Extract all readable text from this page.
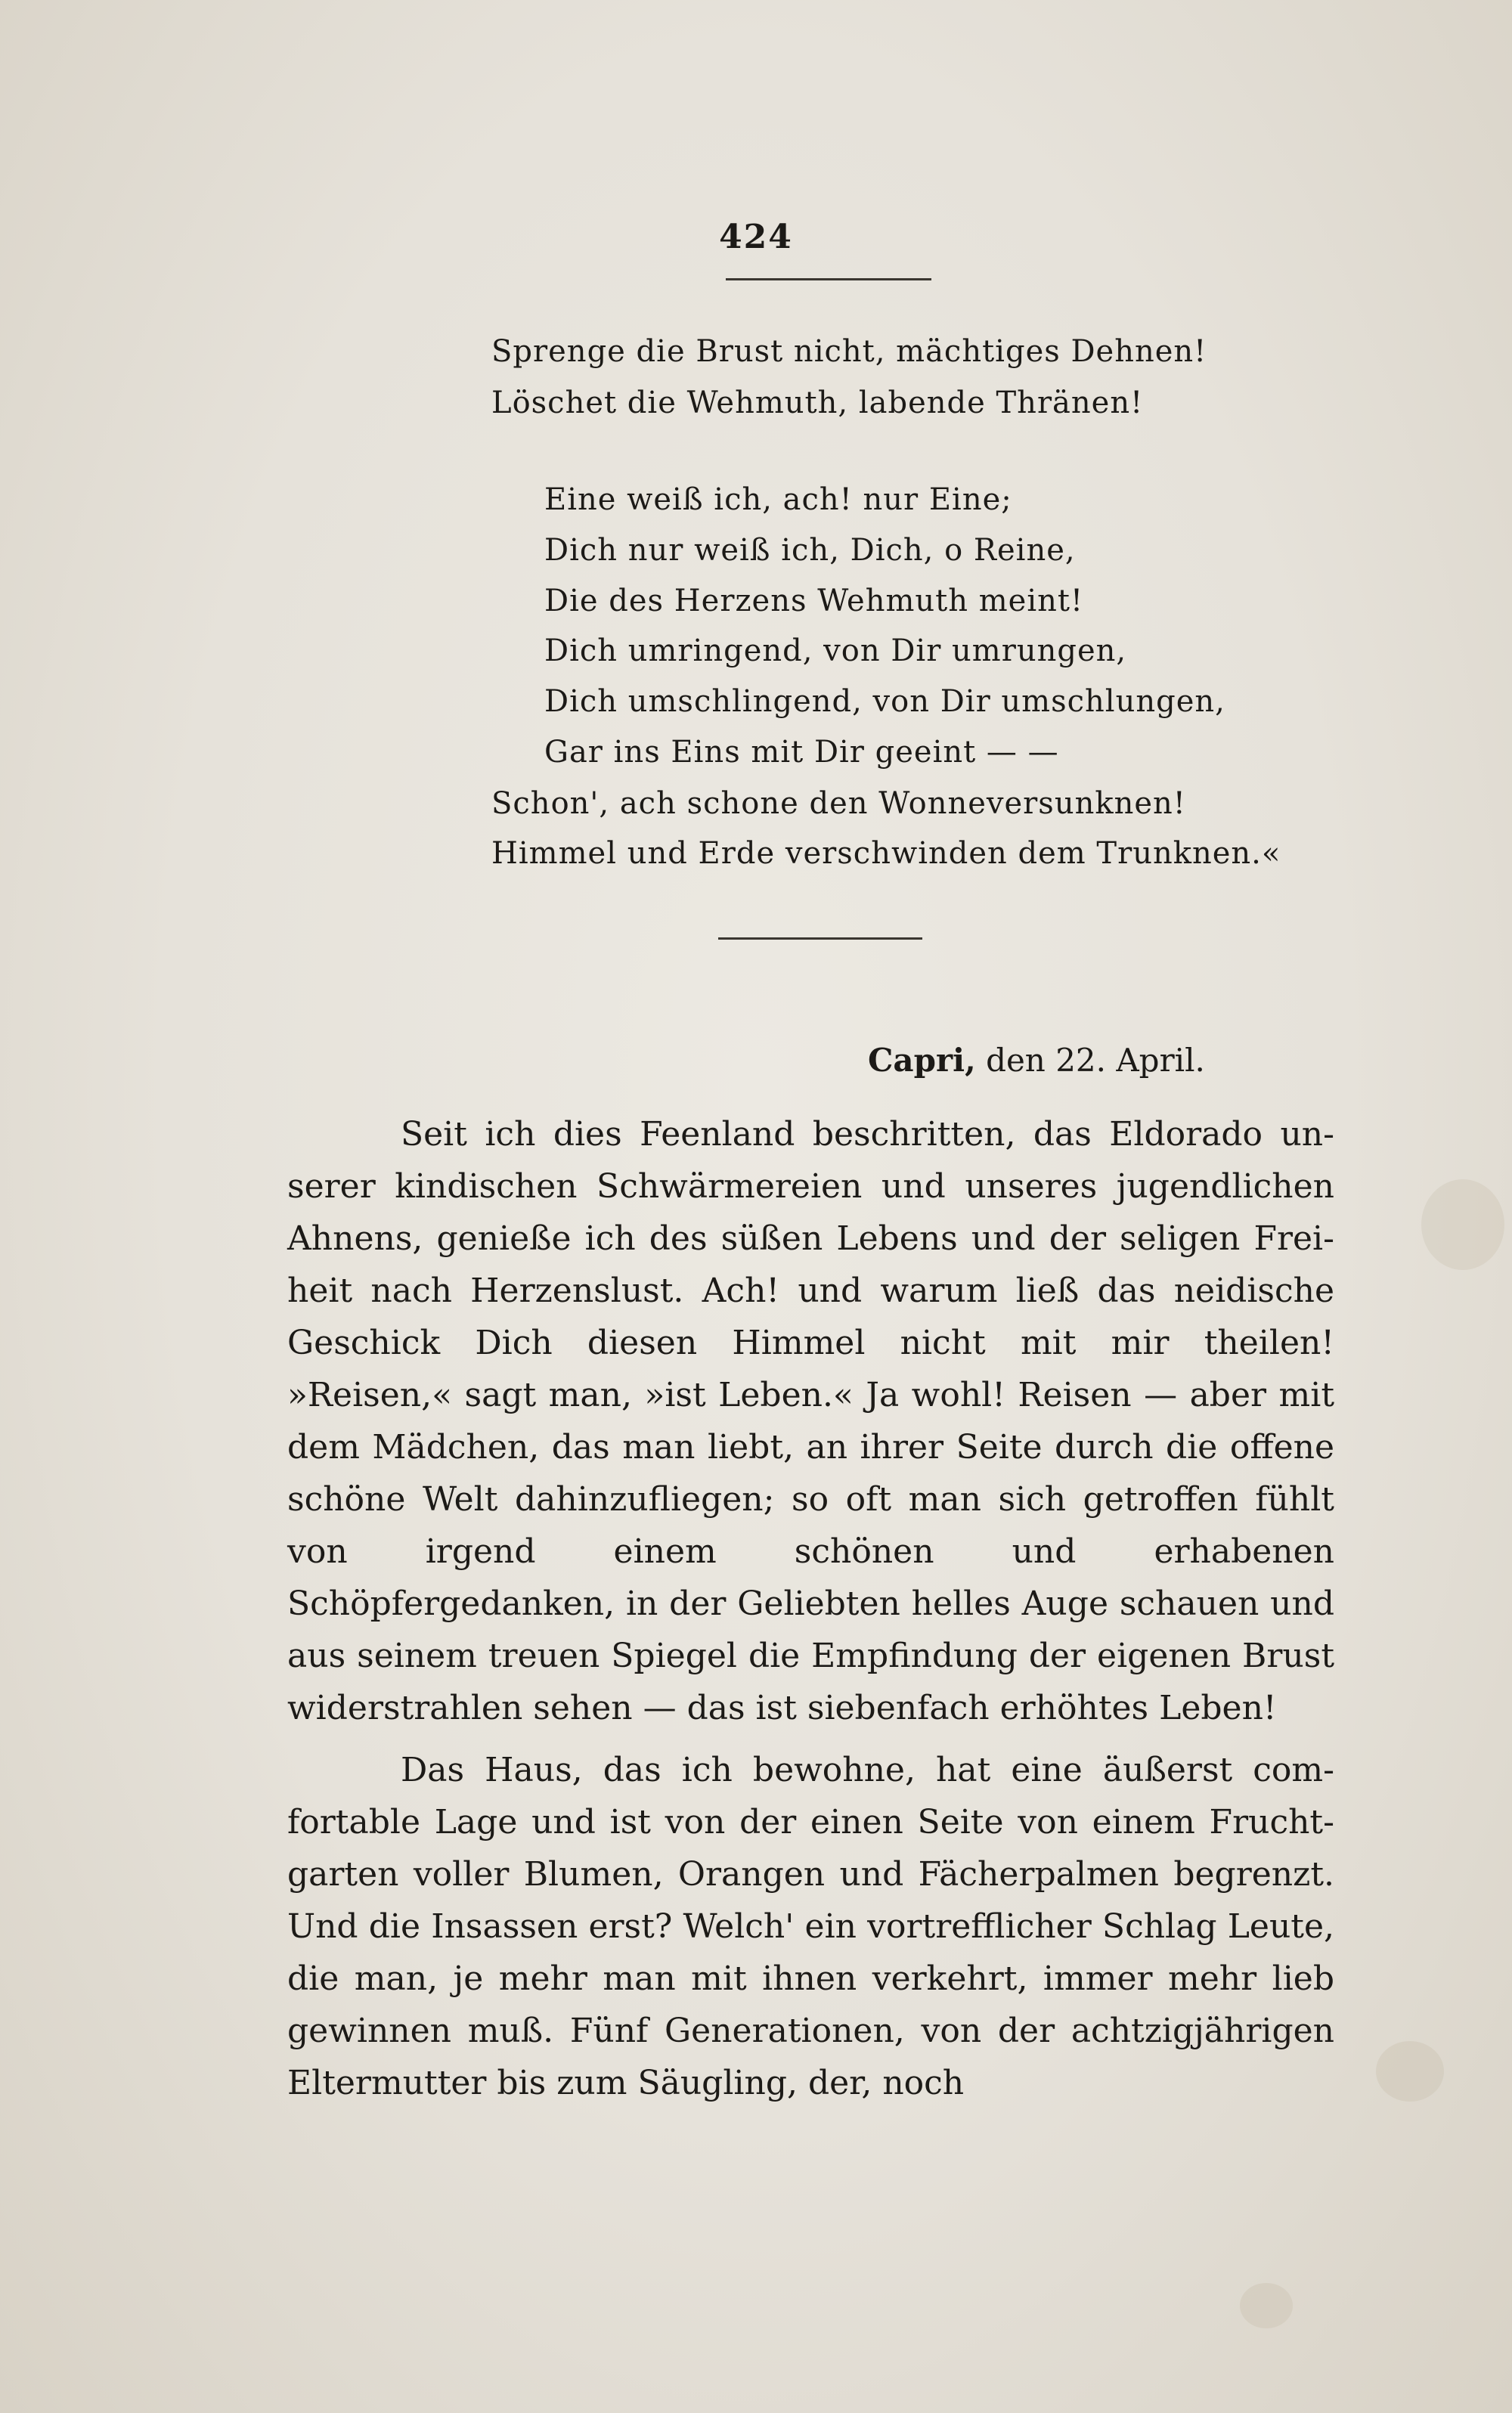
424
Sprenge die Brust nicht, mächtiges Dehnen!
Löschet die Wehmuth, labende Thränen!
Eine weiß ich, ach! nur Eine;
Dich nur weiß ich, Dich, o Reine,
Die des Herzens Wehmuth meint!
Dich umringend, von Dir umrungen,
Dich umschlingend, von Dir umschlungen,
Gar ins Eins mit Dir geeint — —
Schon', ach schone den Wonneversunknen!
Himmel und Erde verschwinden dem Trunknen.«
Capri, den 22. April.

Seit ich dies Feenland beschritten, das Eldorado unserer kindischen Schwärmereien und unseres jugendlichen Ahnens, genieße ich des süßen Lebens und der seligen Freiheit nach Herzenslust. Ach! und warum ließ das neidische Geschick Dich diesen Himmel nicht mit mir theilen! »Reisen,« sagt man, »ist Leben.« Ja wohl! Reisen — aber mit dem Mädchen, das man liebt, an ihrer Seite durch die offene schöne Welt dahinzufliegen; so oft man sich getroffen fühlt von irgend einem schönen und erhabenen Schöpfergedanken, in der Geliebten helles Auge schauen und aus seinem treuen Spiegel die Empfindung der eigenen Brust widerstrahlen sehen — das ist siebenfach erhöhtes Leben!

Das Haus, das ich bewohne, hat eine äußerst comfortable Lage und ist von der einen Seite von einem Fruchtgarten voller Blumen, Orangen und Fächerpalmen begrenzt. Und die Insassen erst? Welch' ein vortrefflicher Schlag Leute, die man, je mehr man mit ihnen verkehrt, immer mehr lieb gewinnen muß. Fünf Generationen, von der achtzigjährigen Eltermutter bis zum Säugling, der, noch
